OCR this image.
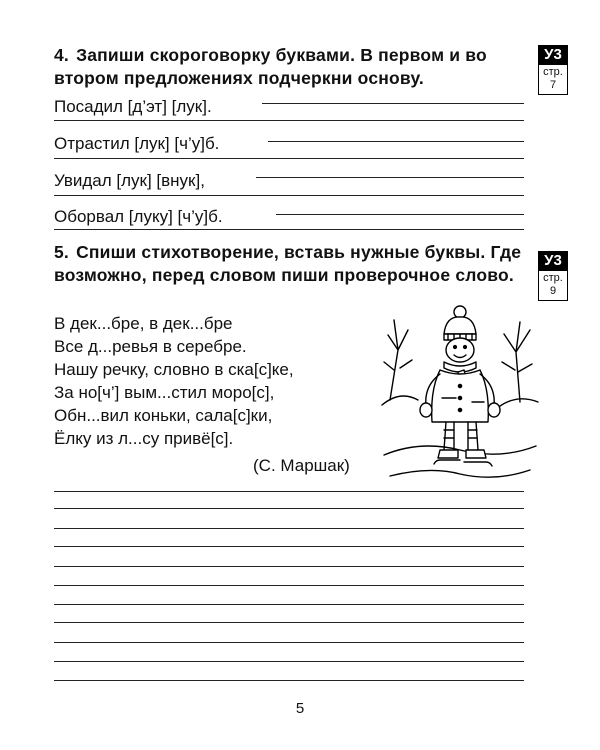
4. Запиши скороговорку буквами. В первом и во втором предложениях подчеркни основу.
У3
стр.
7
Посадил [д’эт] [лук].
Отрастил [лук] [ч’у]б.
Увидал [лук] [внук],
Оборвал [луку] [ч’у]б.
5. Спиши стихотворение, вставь нужные буквы. Где возможно, перед словом пиши проверочное слово.
У3
стр.
9
В дек...бре, в дек...бре
Все д...ревья в серебре.
Нашу речку, словно в ска[с]ке,
За но[ч’] вым...стил моро[с],
Обн...вил коньки, сала[с]ки,
Ёлку из л...су привё[с].
(С. Маршак)
5
